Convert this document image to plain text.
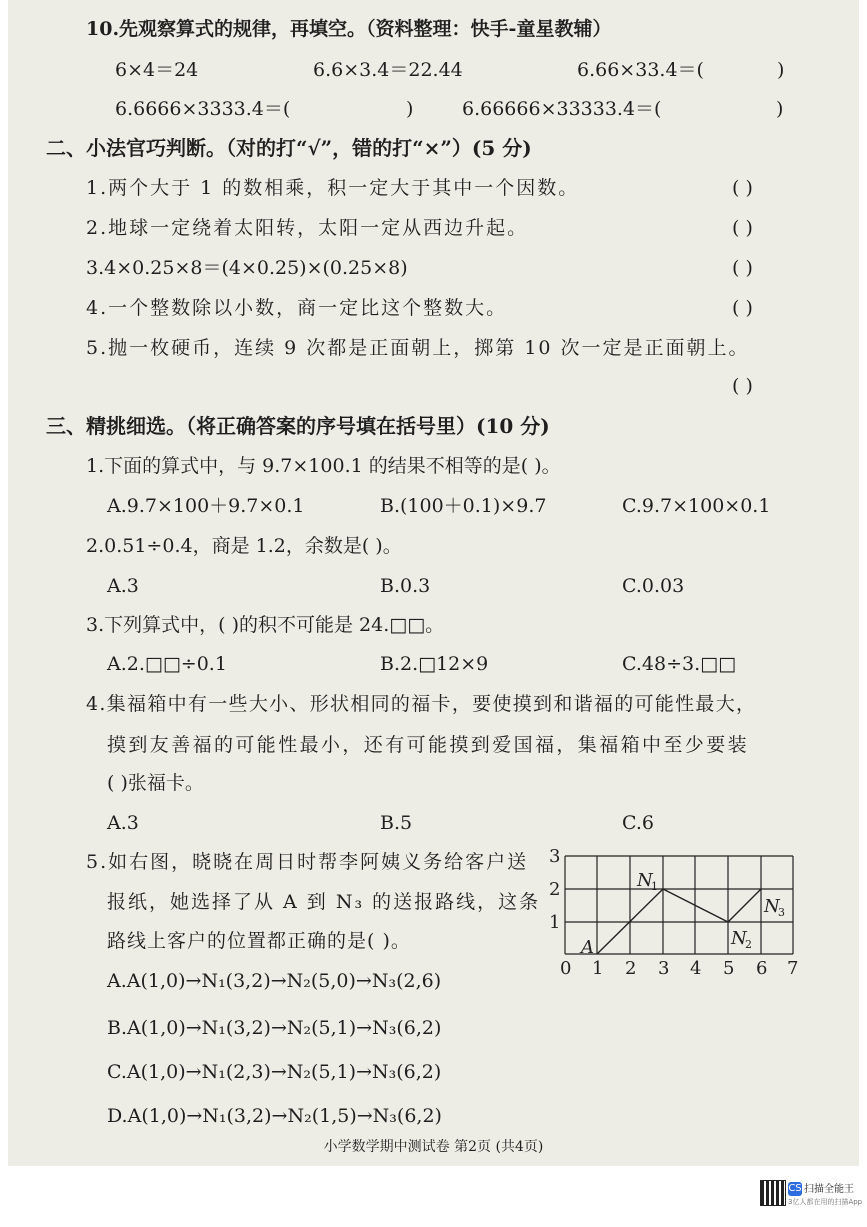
10.先观察算式的规律，再填空。（资料整理：快手-童星教辅）
6×4＝24	6.6×3.4＝22.44	6.66×33.4＝(	)
6.6666×3333.4＝(	)	6.66666×33333.4＝(	)
二、小法官巧判断。（对的打“√”，错的打“×”）(5 分)
1.两个大于 1 的数相乘，积一定大于其中一个因数。	( )
2.地球一定绕着太阳转，太阳一定从西边升起。	( )
3.4×0.25×8＝(4×0.25)×(0.25×8)	( )
4.一个整数除以小数，商一定比这个整数大。	( )
5.抛一枚硬币，连续 9 次都是正面朝上，掷第 10 次一定是正面朝上。
( )
三、精挑细选。（将正确答案的序号填在括号里）(10 分)
1.下面的算式中，与 9.7×100.1 的结果不相等的是( )。
A.9.7×100＋9.7×0.1	B.(100＋0.1)×9.7	C.9.7×100×0.1
2.0.51÷0.4，商是 1.2，余数是( )。
A.3	B.0.3	C.0.03
3.下列算式中，( )的积不可能是 24.□□。
A.2.□□÷0.1	B.2.□12×9	C.48÷3.□□
4.集福箱中有一些大小、形状相同的福卡，要使摸到和谐福的可能性最大，
摸到友善福的可能性最小，还有可能摸到爱国福，集福箱中至少要装
( )张福卡。
A.3	B.5	C.6
5.如右图，晓晓在周日时帮李阿姨义务给客户送
报纸，她选择了从 A 到 N₃ 的送报路线，这条
路线上客户的位置都正确的是( )。
A.A(1,0)→N₁(3,2)→N₂(5,0)→N₃(2,6)
B.A(1,0)→N₁(3,2)→N₂(5,1)→N₃(6,2)
C.A(1,0)→N₁(2,3)→N₂(5,1)→N₃(6,2)
D.A(1,0)→N₁(3,2)→N₂(1,5)→N₃(6,2)
0 1 2 3 4 5 6 7
1
2
3
A
N
1
N
2
N
3
小学数学期中测试卷 第2页 (共4页)
CS 扫描全能王
3亿人都在用的扫描App
